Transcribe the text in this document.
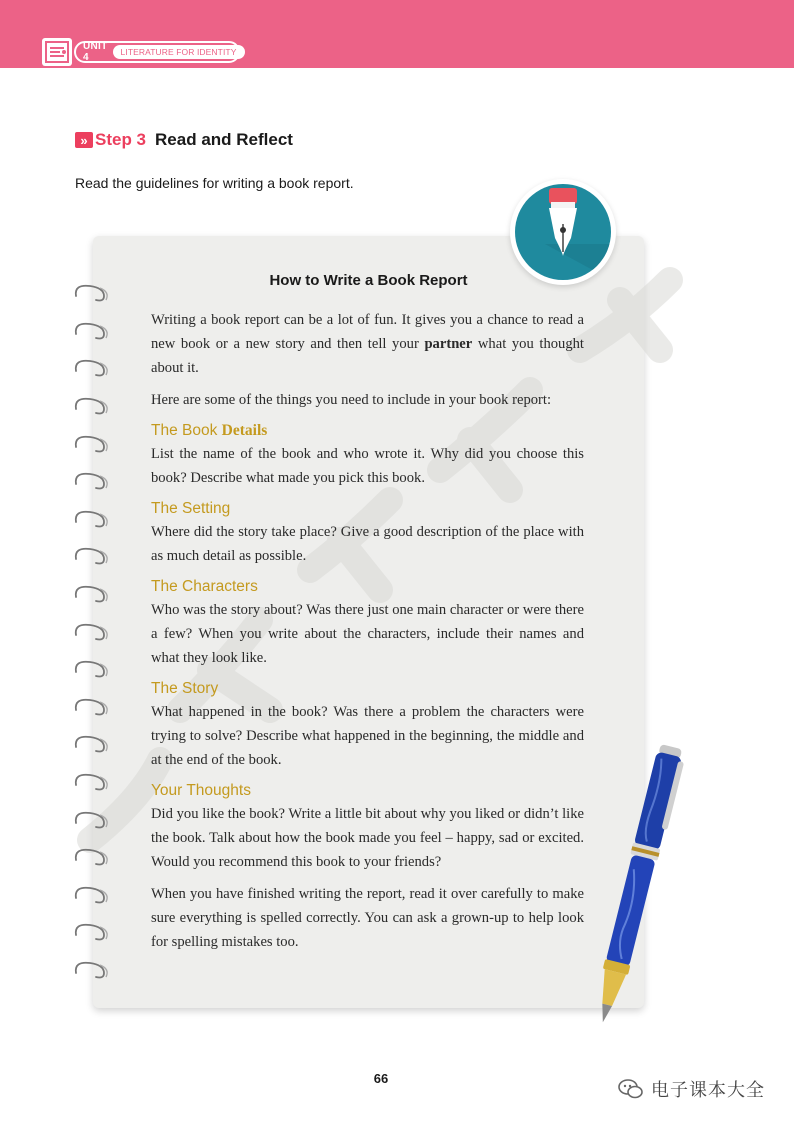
UNIT 4	LITERATURE FOR IDENTITY
» Step 3 Read and Reflect
Read the guidelines for writing a book report.
How to Write a Book Report

Writing a book report can be a lot of fun. It gives you a chance to read a new book or a new story and then tell your partner what you thought about it.

Here are some of the things you need to include in your book report:

The Book Details

List the name of the book and who wrote it. Why did you choose this book? Describe what made you pick this book.

The Setting

Where did the story take place? Give a good description of the place with as much detail as possible.

The Characters

Who was the story about? Was there just one main character or were there a few? When you write about the characters, include their names and what they look like.

The Story

What happened in the book? Was there a problem the characters were trying to solve? Describe what happened in the beginning, the middle and at the end of the book.

Your Thoughts

Did you like the book? Write a little bit about why you liked or didn’t like the book. Talk about how the book made you feel – happy, sad or excited. Would you recommend this book to your friends?

When you have finished writing the report, read it over carefully to make sure everything is spelled correctly. You can ask a grown-up to help look for spelling mistakes too.

66
电子课本大全
